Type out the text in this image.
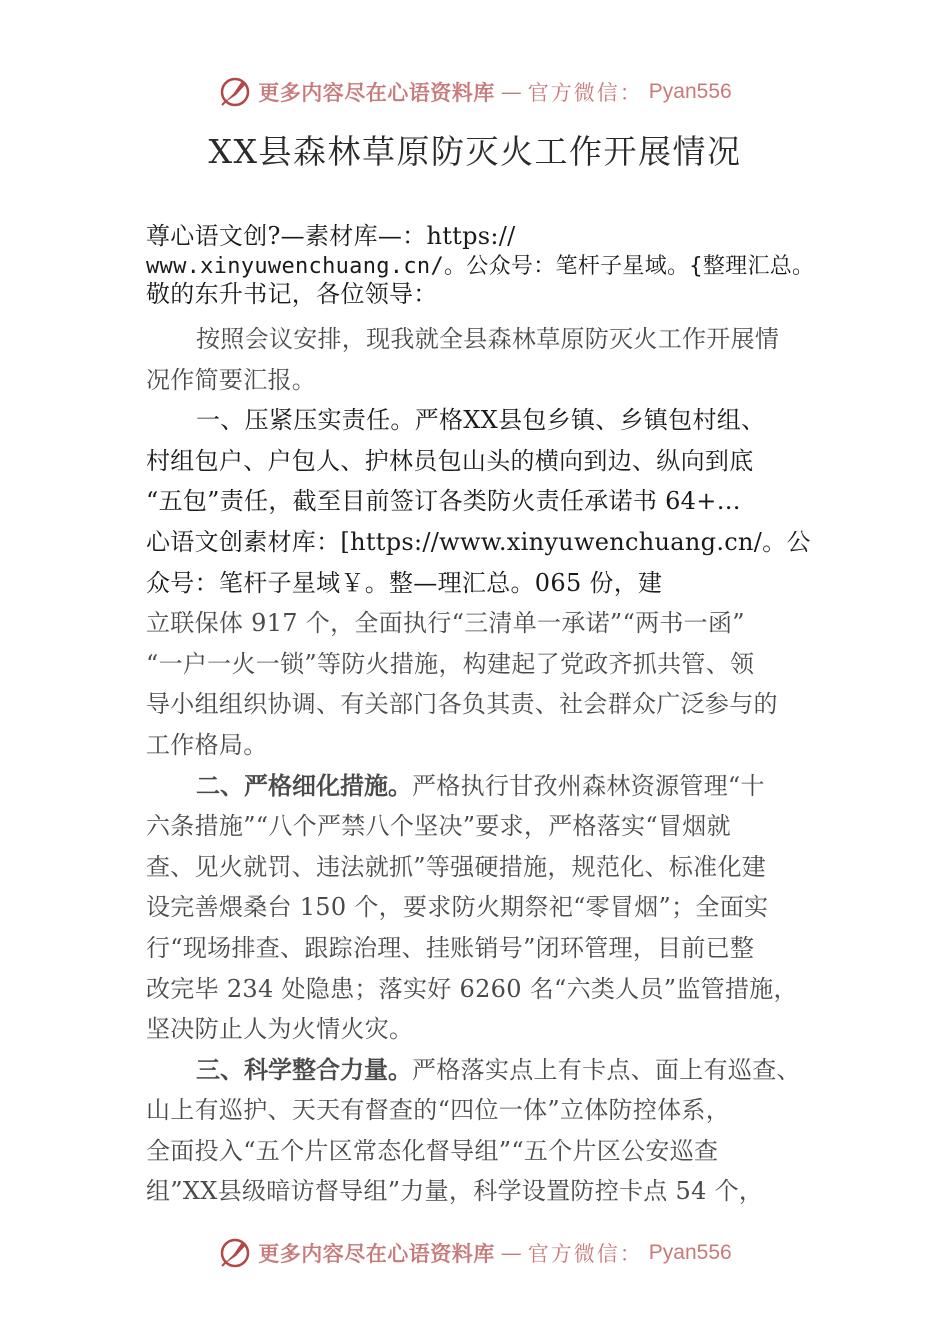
更多内容尽在心语资料库 — 官方微信： Pyan556
XX县森林草原防灭火工作开展情况
尊心语文创?—素材库—：https://
www.xinyuwenchuang.cn/。公众号：笔杆子星域。{整理汇总。
敬的东升书记，各位领导：
按照会议安排，现我就全县森林草原防灭火工作开展情
况作简要汇报。
一、压紧压实责任。严格XX县包乡镇、乡镇包村组、
村组包户、户包人、护林员包山头的横向到边、纵向到底
“五包”责任，截至目前签订各类防火责任承诺书 64+…
心语文创素材库：[https://www.xinyuwenchuang.cn/。公
众号：笔杆子星域￥。整—理汇总。065 份，建
立联保体 917 个，全面执行“三清单一承诺”“两书一函”
“一户一火一锁”等防火措施，构建起了党政齐抓共管、领
导小组组织协调、有关部门各负其责、社会群众广泛参与的
工作格局。
二、严格细化措施。严格执行甘孜州森林资源管理“十
六条措施”“八个严禁八个坚决”要求，严格落实“冒烟就
查、见火就罚、违法就抓”等强硬措施，规范化、标准化建
设完善煨桑台 150 个，要求防火期祭祀“零冒烟”；全面实
行“现场排查、跟踪治理、挂账销号”闭环管理，目前已整
改完毕 234 处隐患；落实好 6260 名“六类人员”监管措施，
坚决防止人为火情火灾。
三、科学整合力量。严格落实点上有卡点、面上有巡查、
山上有巡护、天天有督查的“四位一体”立体防控体系，
全面投入“五个片区常态化督导组”“五个片区公安巡查
组”XX县级暗访督导组”力量，科学设置防控卡点 54 个，
更多内容尽在心语资料库 — 官方微信： Pyan556
